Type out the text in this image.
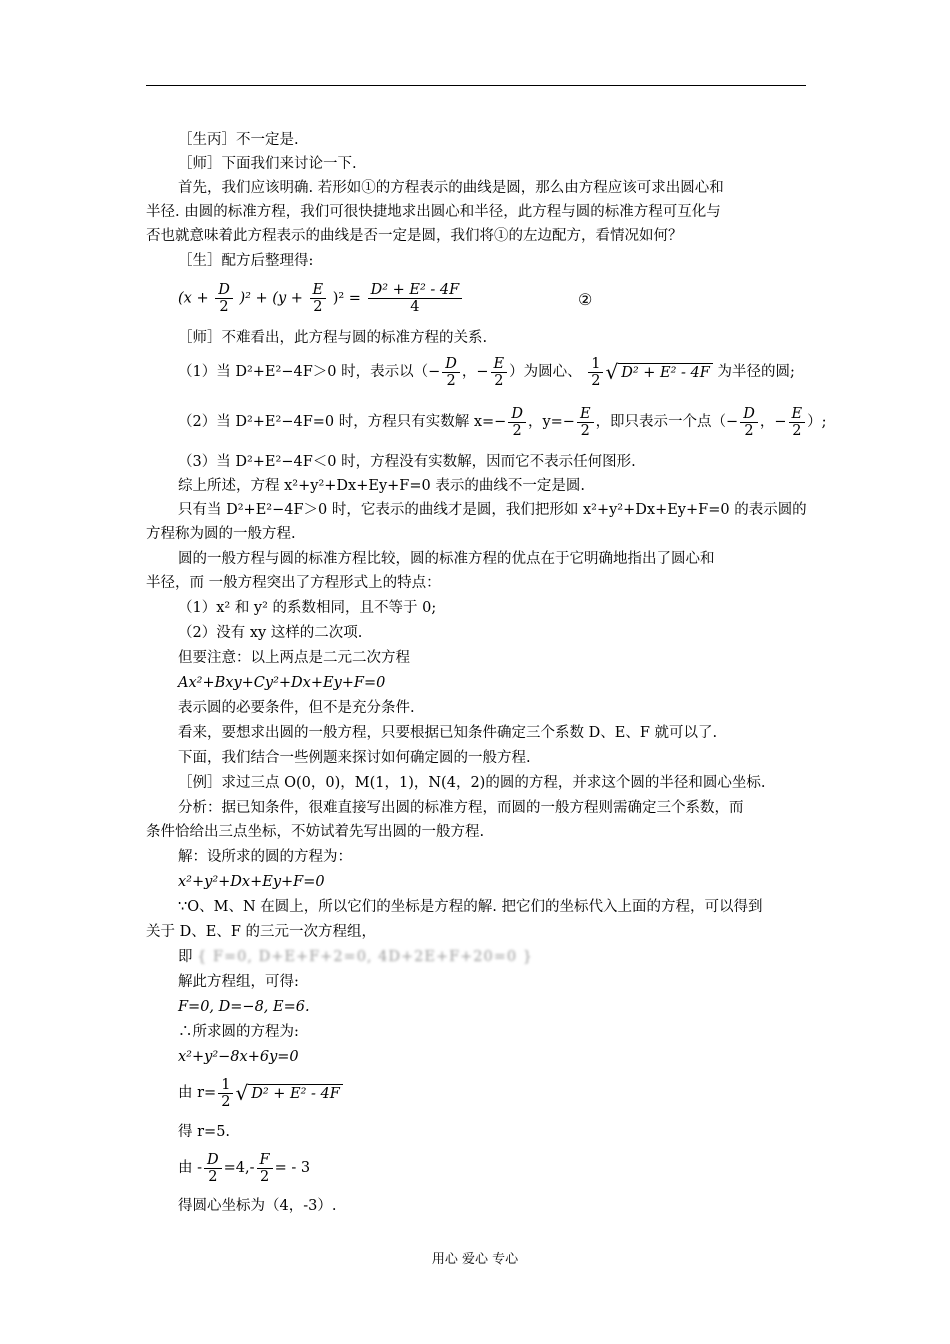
［生丙］不一定是.
［师］下面我们来讨论一下.
首先，我们应该明确. 若形如①的方程表示的曲线是圆，那么由方程应该可求出圆心和
半径. 由圆的标准方程，我们可很快捷地求出圆心和半径，此方程与圆的标准方程可互化与
否也就意味着此方程表示的曲线是否一定是圆，我们将①的左边配方，看情况如何？
［生］配方后整理得:
$(x + \frac{D}{2} )^2 + (y + \frac{E}{2} )^2 = \frac{\text{D² + E² - 4F}}{4}$	②
［师］不难看出，此方程与圆的标准方程的关系.
（1）当 D²+E²−4F＞0 时，表示以（− $\frac{D}{2}$ ，− $\frac{E}{2}$ ）为圆心、 $\frac{1}{2}$ √ D² + E² - 4F 为半径的圆;
（2）当 D²+E²−4F=0 时，方程只有实数解 $x=- \frac{D}{2}$ ，$y=- \frac{E}{2}$ ，即只表示一个点（− $\frac{D}{2}$ ，− $\frac{E}{2}$ ）;
（3）当 D²+E²−4F＜0 时，方程没有实数解，因而它不表示任何图形.
综上所述，方程 x²+y²+Dx+Ey+F=0 表示的曲线不一定是圆.
只有当 D²+E²−4F＞0 时，它表示的曲线才是圆，我们把形如 x²+y²+Dx+Ey+F=0 的表示圆的
方程称为圆的一般方程.
圆的一般方程与圆的标准方程比较，圆的标准方程的优点在于它明确地指出了圆心和
半径，而 一般方程突出了方程形式上的特点：
（1）x² 和 y² 的系数相同，且不等于 0;
（2）没有 xy 这样的二次项.
但要注意：以上两点是二元二次方程
Ax²+Bxy+Cy²+Dx+Ey+F=0
表示圆的必要条件，但不是充分条件.
看来，要想求出圆的一般方程，只要根据已知条件确定三个系数 D、E、F 就可以了.
下面，我们结合一些例题来探讨如何确定圆的一般方程.
［例］求过三点 O(0，0)，M(1，1)，N(4，2)的圆的方程，并求这个圆的半径和圆心坐标.
分析：据已知条件，很难直接写出圆的标准方程，而圆的一般方程则需确定三个系数，而
条件恰给出三点坐标，不妨试着先写出圆的一般方程.
解：设所求的圆的方程为：
x²+y²+Dx+Ey+F=0
∵O、M、N 在圆上，所以它们的坐标是方程的解. 把它们的坐标代入上面的方程，可以得到
关于 D、E、F 的三元一次方程组，
即 { F=0, D+E+F+2=0, 4D+2E+F+20=0 }
解此方程组，可得:
F=0, D=−8, E=6.
∴所求圆的方程为:
x²+y²−8x+6y=0
由 $r= \frac{1}{2}$ √ D² + E² - 4F
得 r=5.
由 - $\frac{D}{2} =4,- \frac{F}{2}$ = - 3
得圆心坐标为（4，-3）.
用心 爱心 专心
